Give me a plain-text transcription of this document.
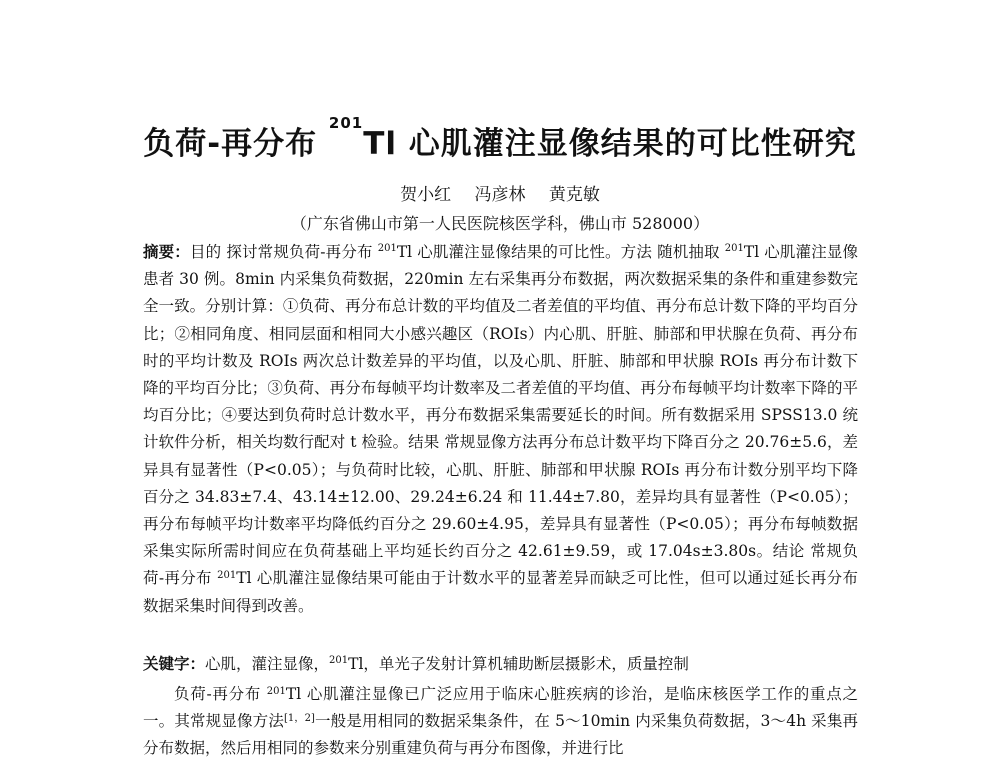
负荷-再分布 $^{201}$Tl 心肌灌注显像结果的可比性研究
贺小红 冯彦林 黄克敏
（广东省佛山市第一人民医院核医学科，佛山市 528000）
摘要：目的 探讨常规负荷-再分布 $^{201}$Tl 心肌灌注显像结果的可比性。方法 随机抽取 $^{201}$Tl 心肌灌注显像患者 30 例。8min 内采集负荷数据，220min 左右采集再分布数据，两次数据采集的条件和重建参数完全一致。分别计算：①负荷、再分布总计数的平均值及二者差值的平均值、再分布总计数下降的平均百分比；②相同角度、相同层面和相同大小感兴趣区（ROIs）内心肌、肝脏、肺部和甲状腺在负荷、再分布时的平均计数及 ROIs 两次总计数差异的平均值，以及心肌、肝脏、肺部和甲状腺 ROIs 再分布计数下降的平均百分比；③负荷、再分布每帧平均计数率及二者差值的平均值、再分布每帧平均计数率下降的平均百分比；④要达到负荷时总计数水平，再分布数据采集需要延长的时间。所有数据采用 SPSS13.0 统计软件分析，相关均数行配对 t 检验。结果 常规显像方法再分布总计数平均下降百分之 20.76±5.6，差异具有显著性（P<0.05）；与负荷时比较，心肌、肝脏、肺部和甲状腺 ROIs 再分布计数分别平均下降百分之 34.83±7.4、43.14±12.00、29.24±6.24 和 11.44±7.80，差异均具有显著性（P<0.05）；再分布每帧平均计数率平均降低约百分之 29.60±4.95，差异具有显著性（P<0.05）；再分布每帧数据采集实际所需时间应在负荷基础上平均延长约百分之 42.61±9.59，或 17.04s±3.80s。结论 常规负荷-再分布 $^{201}$Tl 心肌灌注显像结果可能由于计数水平的显著差异而缺乏可比性，但可以通过延长再分布数据采集时间得到改善。
关键字：心肌，灌注显像，$^{201}$Tl，单光子发射计算机辅助断层摄影术，质量控制
负荷-再分布 $^{201}$Tl 心肌灌注显像已广泛应用于临床心脏疾病的诊治，是临床核医学工作的重点之一。其常规显像方法[1，2]一般是用相同的数据采集条件，在 5～10min 内采集负荷数据，3～4h 采集再分布数据，然后用相同的参数来分别重建负荷与再分布图像，并进行比
